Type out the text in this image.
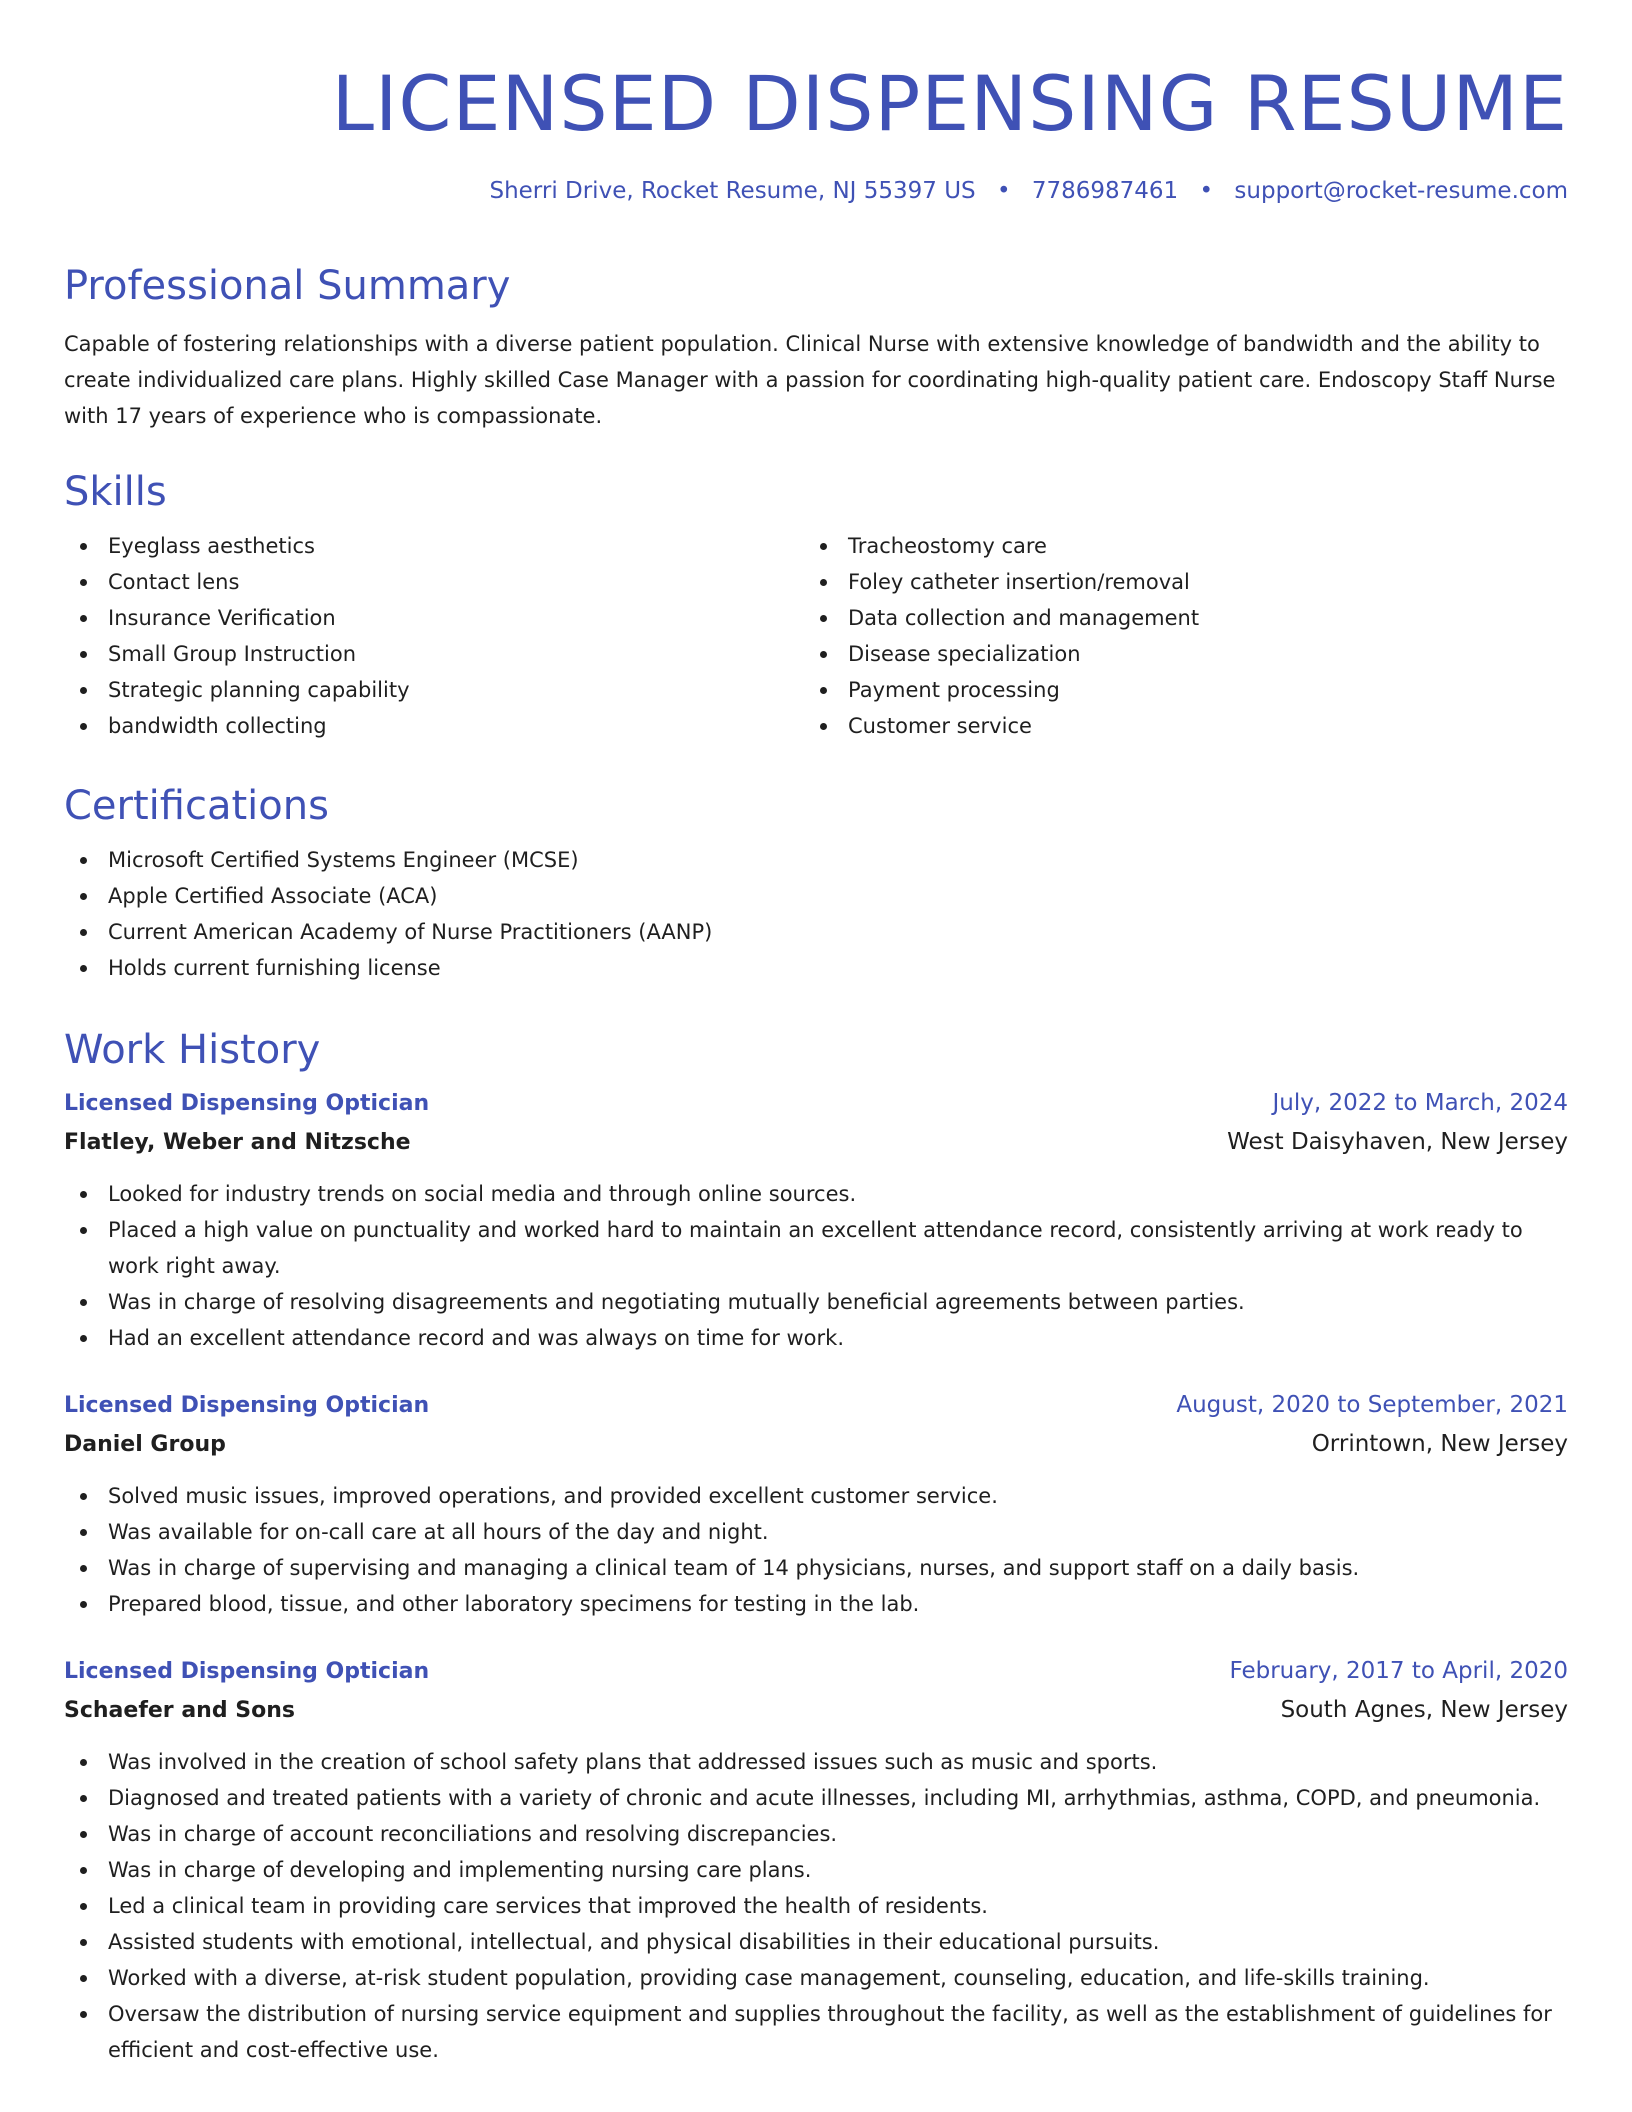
LICENSED DISPENSING RESUME
Sherri Drive, Rocket Resume, NJ 55397 US • 7786987461 • support@rocket-resume.com
Professional Summary

Capable of fostering relationships with a diverse patient population. Clinical Nurse with extensive knowledge of bandwidth and the ability to create individualized care plans. Highly skilled Case Manager with a passion for coordinating high-quality patient care. Endoscopy Staff Nurse with 17 years of experience who is compassionate.

Skills
Eyeglass aesthetics
Contact lens
Insurance Verification
Small Group Instruction
Strategic planning capability
bandwidth collecting
Tracheostomy care
Foley catheter insertion/removal
Data collection and management
Disease specialization
Payment processing
Customer service
Certifications
Microsoft Certified Systems Engineer (MCSE)
Apple Certified Associate (ACA)
Current American Academy of Nurse Practitioners (AANP)
Holds current furnishing license
Work History
Licensed Dispensing Optician	July, 2022 to March, 2024
Flatley, Weber and Nitzsche	West Daisyhaven, New Jersey
Looked for industry trends on social media and through online sources.
Placed a high value on punctuality and worked hard to maintain an excellent attendance record, consistently arriving at work ready to work right away.
Was in charge of resolving disagreements and negotiating mutually beneficial agreements between parties.
Had an excellent attendance record and was always on time for work.
Licensed Dispensing Optician	August, 2020 to September, 2021
Daniel Group	Orrintown, New Jersey
Solved music issues, improved operations, and provided excellent customer service.
Was available for on-call care at all hours of the day and night.
Was in charge of supervising and managing a clinical team of 14 physicians, nurses, and support staff on a daily basis.
Prepared blood, tissue, and other laboratory specimens for testing in the lab.
Licensed Dispensing Optician	February, 2017 to April, 2020
Schaefer and Sons	South Agnes, New Jersey
Was involved in the creation of school safety plans that addressed issues such as music and sports.
Diagnosed and treated patients with a variety of chronic and acute illnesses, including MI, arrhythmias, asthma, COPD, and pneumonia.
Was in charge of account reconciliations and resolving discrepancies.
Was in charge of developing and implementing nursing care plans.
Led a clinical team in providing care services that improved the health of residents.
Assisted students with emotional, intellectual, and physical disabilities in their educational pursuits.
Worked with a diverse, at-risk student population, providing case management, counseling, education, and life-skills training.
Oversaw the distribution of nursing service equipment and supplies throughout the facility, as well as the establishment of guidelines for efficient and cost-effective use.
